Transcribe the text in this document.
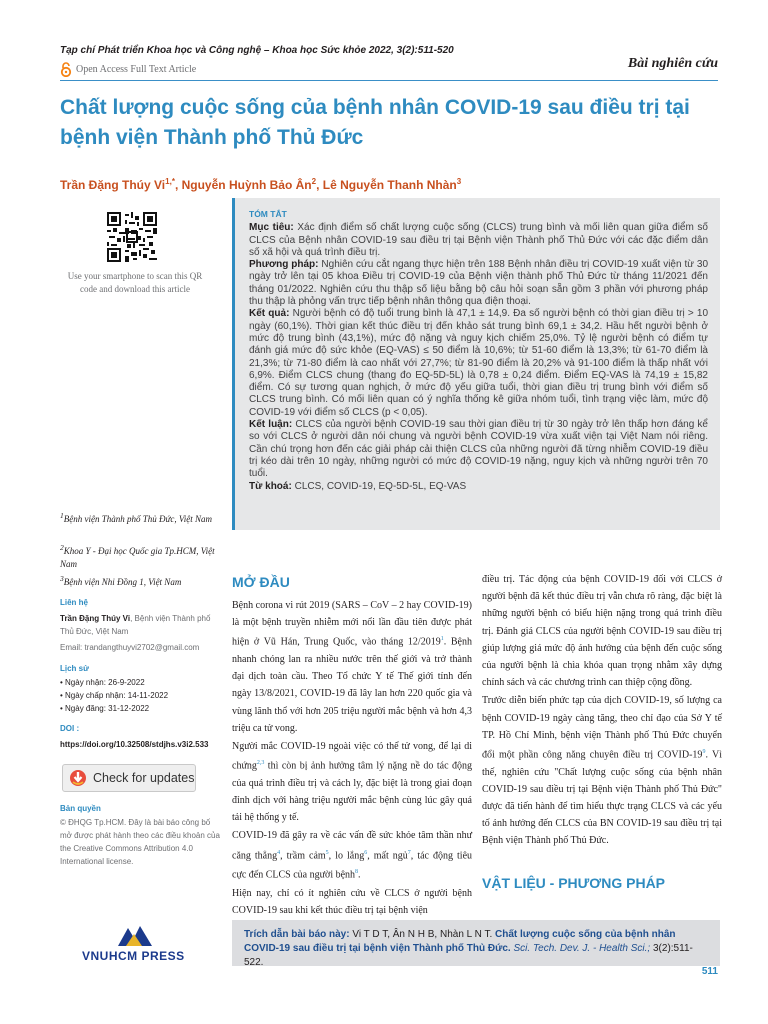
Tạp chí Phát triển Khoa học và Công nghệ – Khoa học Sức khỏe 2022, 3(2):511-520
Open Access Full Text Article	Bài nghiên cứu
Chất lượng cuộc sống của bệnh nhân COVID-19 sau điều trị tại bệnh viện Thành phố Thủ Đức
Trần Đặng Thúy $Vi^{1,*}$, Nguyễn Huỳnh Bảo $Ân^2$, Lê Nguyễn Thanh Nhàn$^3$
Use your smartphone to scan this QR code and download this article
TÓM TẮT

Mục tiêu: Xác định điểm số chất lượng cuộc sống (CLCS) trung bình và mối liên quan giữa điểm số CLCS của Bệnh nhân COVID-19 sau điều trị tại Bệnh viện Thành phố Thủ Đức với các đặc điểm dân số xã hội và quá trình điều trị.

Phương pháp: Nghiên cứu cắt ngang thực hiện trên 188 Bệnh nhân điều trị COVID-19 xuất viện từ 30 ngày trở lên tại 05 khoa Điều trị COVID-19 của Bệnh viện thành phố Thủ Đức từ tháng 11/2021 đến tháng 01/2022. Nghiên cứu thu thập số liệu bằng bộ câu hỏi soạn sẵn gồm 3 phần với phương pháp thu thập là phỏng vấn trực tiếp bệnh nhân thông qua điện thoại.

Kết quả: Người bệnh có độ tuổi trung bình là 47,1 ± 14,9. Đa số người bệnh có thời gian điều trị > 10 ngày (60,1%). Thời gian kết thúc điều trị đến khảo sát trung bình 69,1 ± 34,2. Hầu hết người bệnh ở mức độ trung bình (43,1%), mức độ nặng và nguy kịch chiếm 25,0%. Tỷ lệ người bệnh có điểm tự đánh giá mức độ sức khỏe (EQ-VAS) ≤ 50 điểm là 10,6%; từ 51-60 điểm là 13,3%; từ 61-70 điểm là 21,3%; từ 71-80 điểm là cao nhất với 27,7%; từ 81-90 điểm là 20,2% và 91-100 điểm là thấp nhất với 6,9%. Điểm CLCS chung (thang đo EQ-5D-5L) là 0,78 ± 0,24 điểm. Điểm EQ-VAS là 74,19 ± 15,82 điểm. Có sự tương quan nghịch, ở mức độ yếu giữa tuổi, thời gian điều trị trung bình với điểm số CLCS trung bình. Có mối liên quan có ý nghĩa thống kê giữa nhóm tuổi, tình trạng việc làm, mức độ COVID-19 với điểm số CLCS (p < 0,05).

Kết luận: CLCS của người bệnh COVID-19 sau thời gian điều trị từ 30 ngày trở lên thấp hơn đáng kể so với CLCS ở người dân nói chung và người bệnh COVID-19 vừa xuất viện tại Việt Nam nói riêng. Cần chú trọng hơn đến các giải pháp cải thiện CLCS của những người đã từng nhiễm COVID-19 điều trị kéo dài trên 10 ngày, những người có mức độ COVID-19 nặng, nguy kịch và những người trên 70 tuổi.

Từ khoá: CLCS, COVID-19, EQ-5D-5L, EQ-VAS

$^1$Bệnh viện Thành phố Thủ Đức, Việt Nam
$^2$Khoa Y - Đại học Quốc gia Tp.HCM, Việt Nam
$^3$Bệnh viện Nhi Đồng 1, Việt Nam
Liên hệ
Trần Đặng Thúy Vi, Bệnh viện Thành phố Thủ Đức, Việt Nam
Email: trandangthuyvi2702@gmail.com
Lịch sử
• Ngày nhận: 26-9-2022
• Ngày chấp nhận: 14-11-2022
• Ngày đăng: 31-12-2022
DOI :
https://doi.org/10.32508/stdjhs.v3i2.533
Check for updates
Bản quyền
© ĐHQG Tp.HCM. Đây là bài báo công bố mở được phát hành theo các điều khoản của the Creative Commons Attribution 4.0 International license.
VNUHCM PRESS
MỞ ĐẦU

Bệnh corona vi rút 2019 (SARS – CoV – 2 hay COVID-19) là một bệnh truyền nhiễm mới nổi lần đầu tiên được phát hiện ở Vũ Hán, Trung Quốc, vào tháng 12/2019$^1$. Bệnh nhanh chóng lan ra nhiều nước trên thế giới và trở thành đại dịch toàn cầu. Theo Tổ chức Y tế Thế giới tính đến ngày 13/8/2021, COVID-19 đã lây lan hơn 220 quốc gia và vùng lãnh thổ với hơn 205 triệu người mắc bệnh và hơn 4,3 triệu ca tử vong.

Người mắc COVID-19 ngoài việc có thể tử vong, để lại di chứng$^{2,3}$ thì còn bị ảnh hưởng tâm lý nặng nề do tác động của quá trình điều trị và cách ly, đặc biệt là trong giai đoạn đỉnh dịch với hàng triệu người mắc bệnh cùng lúc gây quá tải hệ thống y tế.

COVID-19 đã gây ra về các vấn đề sức khỏe tâm thần như căng thẳng$^4$, trầm cảm$^5$, lo lắng$^6$, mất ngủ$^7$, tác động tiêu cực đến CLCS của người bệnh$^8$.

Hiện nay, chỉ có ít nghiên cứu về CLCS ở người bệnh COVID-19 sau khi kết thúc điều trị tại bệnh viện

điều trị. Tác động của bệnh COVID-19 đối với CLCS ở người bệnh đã kết thúc điều trị vẫn chưa rõ ràng, đặc biệt là những người bệnh có biểu hiện nặng trong quá trình điều trị. Đánh giá CLCS của người bệnh COVID-19 sau điều trị giúp lượng giá mức độ ảnh hưởng của bệnh đến cuộc sống của người bệnh là chìa khóa quan trọng nhằm xây dựng chính sách và các chương trình can thiệp cộng đồng.

Trước diễn biến phức tạp của dịch COVID-19, số lượng ca bệnh COVID-19 ngày càng tăng, theo chỉ đạo của Sở Y tế TP. Hồ Chí Minh, bệnh viện Thành phố Thủ Đức chuyển đổi một phần công năng chuyên điều trị COVID-$19^9$. Vì thế, nghiên cứu "Chất lượng cuộc sống của bệnh nhân COVID-19 sau điều trị tại Bệnh viện Thành phố Thủ Đức" được đã tiến hành để tìm hiểu thực trạng CLCS và các yếu tố ảnh hưởng đến CLCS của BN COVID-19 sau điều trị tại Bệnh viện Thành phố Thủ Đức.

VẬT LIỆU - PHƯƠNG PHÁP
Trích dẫn bài báo này: Vi T D T, Ân N H B, Nhàn L N T. Chất lượng cuộc sống của bệnh nhân COVID-19 sau điều trị tại bệnh viện Thành phố Thủ Đức. Sci. Tech. Dev. J. - Health Sci.; 3(2):511-522.
511
